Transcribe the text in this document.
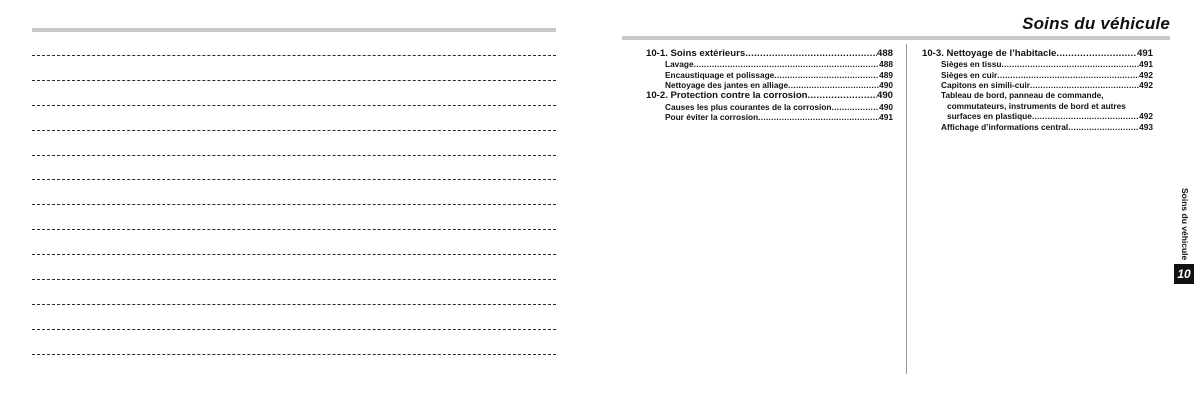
Soins du véhicule
10-1. Soins extérieurs .....	488
Lavage .....	488
Encaustiquage et polissage .....	489
Nettoyage des jantes en alliage .....	490
10-2. Protection contre la corrosion .....	490
Causes les plus courantes de la corrosion .....	490
Pour éviter la corrosion .....	491
10-3. Nettoyage de l’habitacle .....	491
Sièges en tissu .....	491
Sièges en cuir .....	492
Capitons en simili-cuir .....	492
Tableau de bord, panneau de commande,
commutateurs, instruments de bord et autres
surfaces en plastique .....	492
Affichage d’informations central .....	493
Soins du véhicule
10
